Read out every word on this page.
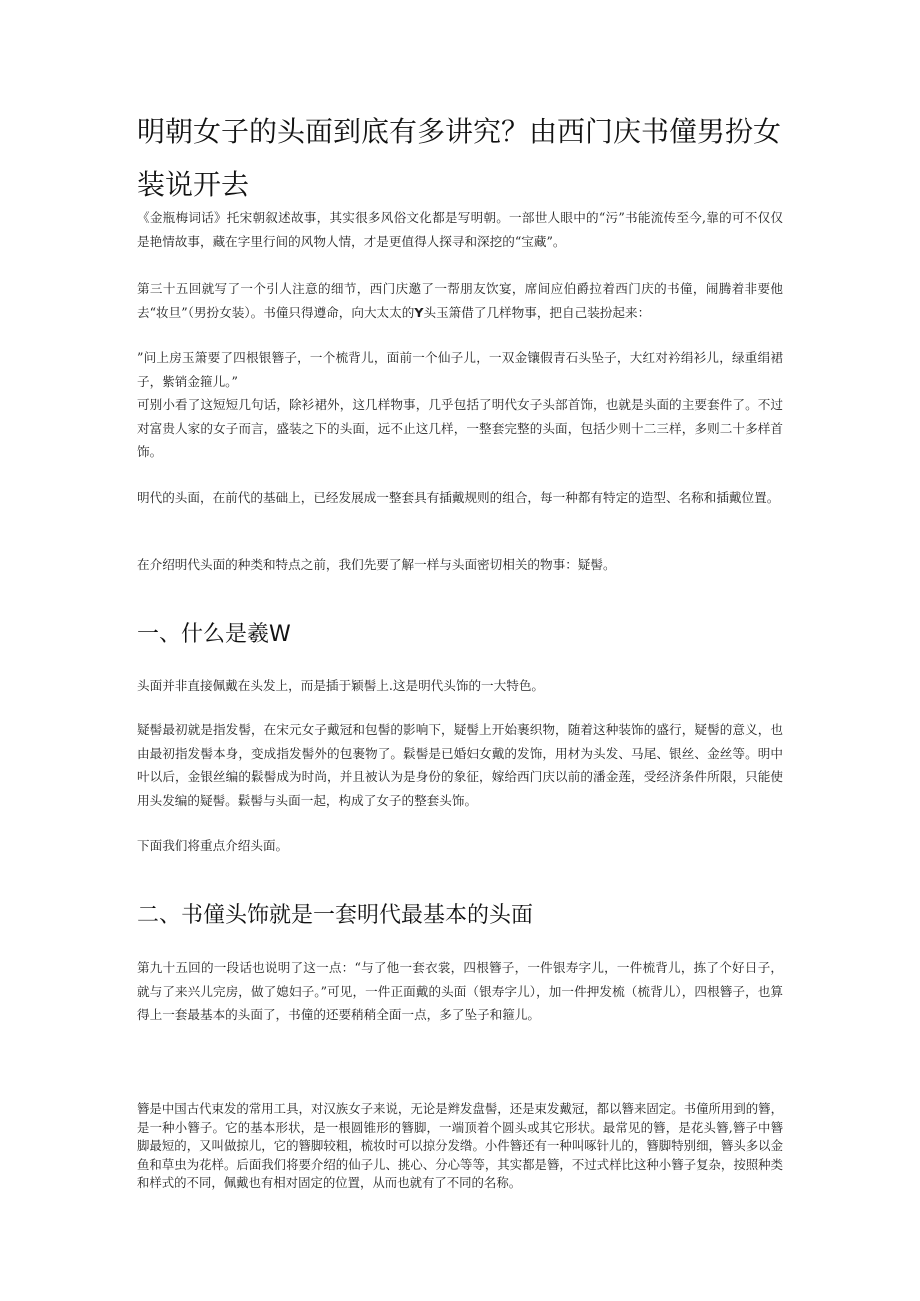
明朝女子的头面到底有多讲究？由西门庆书僮男扮女
装说开去

《金瓶梅词话》托宋朝叙述故事，其实很多风俗文化都是写明朝。一部世人眼中的“污”书能流传至今,靠的可不仅仅是艳情故事，藏在字里行间的风物人情，才是更值得人探寻和深挖的“宝藏”。

第三十五回就写了一个引人注意的细节，西门庆邀了一帮朋友饮宴，席间应伯爵拉着西门庆的书僮，闹腾着非要他去“妆旦”（男扮女装）。书僮只得遵命，向大太太的Y头玉箫借了几样物事，把自己装扮起来：

”问上房玉箫要了四根银簪子，一个梳背儿，面前一个仙子儿，一双金镶假青石头坠子，大红对衿绢衫儿，绿重绢裙子，紫销金箍儿。”

可别小看了这短短几句话，除衫裙外，这几样物事，几乎包括了明代女子头部首饰，也就是头面的主要套件了。不过对富贵人家的女子而言，盛装之下的头面，远不止这几样，一整套完整的头面，包括少则十二三样，多则二十多样首饰。

明代的头面，在前代的基础上，已经发展成一整套具有插戴规则的组合，每一种都有特定的造型、名称和插戴位置。

在介绍明代头面的种类和特点之前，我们先要了解一样与头面密切相关的物事：疑髻。

一、什么是羲W

头面并非直接佩戴在头发上，而是插于颖髻上.这是明代头饰的一大特色。

疑髻最初就是指发髻，在宋元女子戴冠和包髻的影响下，疑髻上开始裹织物，随着这种装饰的盛行，疑髻的意义，也由最初指发髻本身，变成指发髻外的包裹物了。鬏髻是已婚妇女戴的发饰，用材为头发、马尾、银丝、金丝等。明中叶以后，金银丝编的鬏髻成为时尚，并且被认为是身份的象征，嫁给西门庆以前的潘金莲，受经济条件所限，只能使用头发编的疑髻。鬏髻与头面一起，构成了女子的整套头饰。

下面我们将重点介绍头面。

二、书僮头饰就是一套明代最基本的头面

第九十五回的一段话也说明了这一点：“与了他一套衣裳，四根簪子，一件银寿字儿，一件梳背儿，拣了个好日子，就与了来兴儿完房，做了媳妇子。”可见，一件正面戴的头面（银寿字儿），加一件押发梳（梳背儿），四根簪子，也算得上一套最基本的头面了，书僮的还要稍稍全面一点，多了坠子和箍儿。

簪是中国古代束发的常用工具，对汉族女子来说，无论是辫发盘髻，还是束发戴冠，都以簪来固定。书僮所用到的簪，是一种小簪子。它的基本形状，是一根圆锥形的簪脚，一端顶着个圆头或其它形状。最常见的簪，是花头簪,簪子中簪脚最短的，又叫做掠儿，它的簪脚较粗，梳妆时可以掠分发绺。小件簪还有一种叫啄针儿的，簪脚特别细，簪头多以金鱼和草虫为花样。后面我们将要介绍的仙子儿、挑心、分心等等，其实都是簪，不过式样比这种小簪子复杂，按照种类和样式的不同，佩戴也有相对固定的位置，从而也就有了不同的名称。
